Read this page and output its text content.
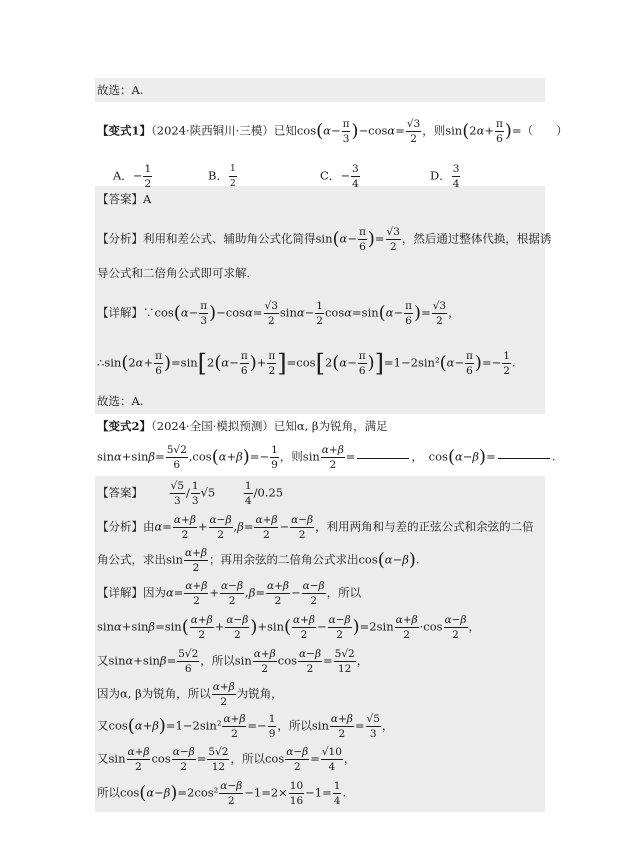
故选：A.
【变式1】（2024·陕西铜川·三模）已知$\cos(\alpha- \frac{\pi}{3} )-\cos\alpha= \frac{√3}{2}$ ，则$\sin(2\alpha+ \frac{\pi}{6}$ )=（　　）
A．− $\frac{1}{2}$	B． $\frac{1}{2}$	C．− $\frac{3}{4}$	D． $\frac{3}{4}$
【答案】A
【分析】利用和差公式、辅助角公式化简得$\sin(\alpha- \frac{\pi}{6}$ )= $\frac{√3}{2}$ ，然后通过整体代换，根据诱
导公式和二倍角公式即可求解.
【详解】∵cos(α− $\frac{\pi}{3} )-\cos\alpha= \frac{√3}{2} \sin\alpha- \frac{1}{2} \cos\alpha=\sin(\alpha- \frac{\pi}{6}$ )= $\frac{√3}{2}$ ，
∴sin(2α+ $\frac{\pi}{6} )=\sin[2(\alpha- \frac{\pi}{6}$ )+ $\frac{\pi}{2} ]=\cos[2(\alpha- \frac{\pi}{6} )]=1-2\sin^2(\alpha- \frac{\pi}{6}$ )=− $\frac{1}{2}$ .
故选：A.
【变式2】（2024·全国·模拟预测）已知α, β为锐角，满足
$\sin\alpha+\sin\beta= \frac{5√2}{6} ,\cos(\alpha+\beta)=- \frac{1}{9}$ ，则$\sin \frac{\alpha+\beta}{2}$ =	，　cos(α−β)=	.
【答案】	$\frac{√5}{3} / \frac{1}{3} √5 \frac{1}{4} /0.25$
【分析】由$\alpha= \frac{\alpha+\beta}{2} + \frac{\alpha-\beta}{2} ,\beta= \frac{\alpha+\beta}{2} - \frac{\alpha-\beta}{2}$ ，利用两角和与差的正弦公式和余弦的二倍
角公式，求出$\sin \frac{\alpha+\beta}{2}$ ；再用余弦的二倍角公式求出cos(α−β).
【详解】因为$\alpha= \frac{\alpha+\beta}{2} + \frac{\alpha-\beta}{2} ,\beta= \frac{\alpha+\beta}{2} - \frac{\alpha-\beta}{2}$ ，所以
$\sin\alpha+\sin\beta=\sin( \frac{\alpha+\beta}{2} + \frac{\alpha-\beta}{2} )+\sin( \frac{\alpha+\beta}{2} - \frac{\alpha-\beta}{2} )=2\sin \frac{\alpha+\beta}{2} \cdot\cos \frac{\alpha-\beta}{2}$ ，
又$\sin\alpha+\sin\beta= \frac{5√2}{6}$ ，所以$\sin \frac{\alpha+\beta}{2}$ $\cos \frac{\alpha-\beta}{2} = \frac{5√2}{12}$ ，
因为α, β为锐角，所以 $\frac{\alpha+\beta}{2}$ 为锐角，
又$\cos(\alpha+\beta)=1-2\sin^2 \frac{\alpha+\beta}{2} =- \frac{1}{9}$ ，所以$\sin \frac{\alpha+\beta}{2} = \frac{√5}{3}$ ，
又$\sin \frac{\alpha+\beta}{2}$ $\cos \frac{\alpha-\beta}{2} = \frac{5√2}{12}$ ，所以$\cos \frac{\alpha-\beta}{2} = \frac{√10}{4}$ ，
所以$\cos(\alpha-\beta)=2\cos^2 \frac{\alpha-\beta}{2} -1=2\times \frac{10}{16} -1= \frac{1}{4}$ .
